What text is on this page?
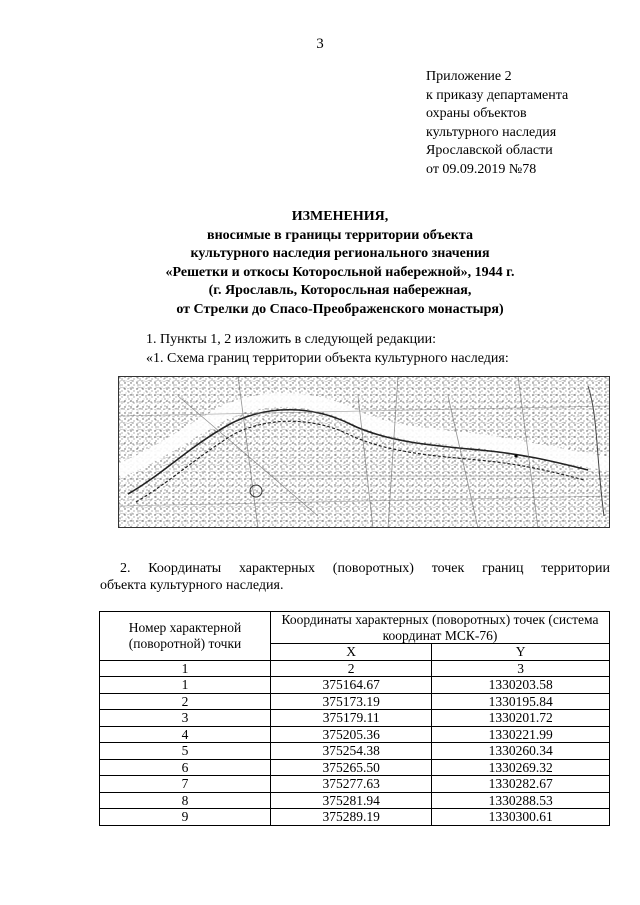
3
Приложение 2
к приказу департамента
охраны объектов
культурного наследия
Ярославской области
от 09.09.2019 №78
ИЗМЕНЕНИЯ,
вносимые в границы территории объекта
культурного наследия регионального значения
«Решетки и откосы Которосльной набережной», 1944 г.
(г. Ярославль, Которосльная набережная,
от Стрелки до Спасо-Преображенского монастыря)
1. Пункты 1, 2 изложить в следующей редакции:
«1. Схема границ территории объекта культурного наследия:
2. Координаты характерных (поворотных) точек границ территории
объекта культурного наследия.
Номер характерной (поворотной) точки	Координаты характерных (поворотных) точек (система координат МСК-76)	
	X	Y
1	2	3
1	375164.67	1330203.58
2	375173.19	1330195.84
3	375179.11	1330201.72
4	375205.36	1330221.99
5	375254.38	1330260.34
6	375265.50	1330269.32
7	375277.63	1330282.67
8	375281.94	1330288.53
9	375289.19	1330300.61
